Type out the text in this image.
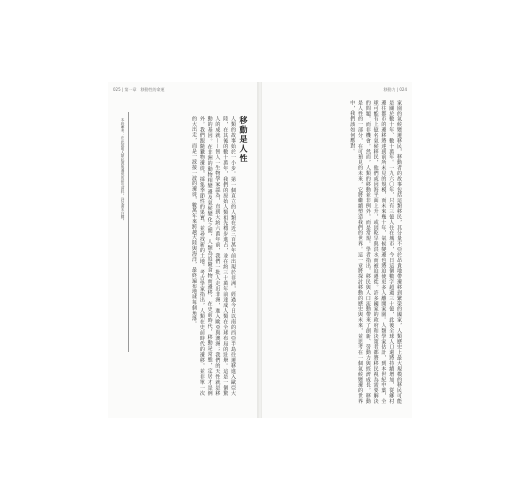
025 | 第一章　移動性的命運
移動是人性
人類的故事始於一小步。第一個直立的人類在近三百萬年前出現於非洲，經過今日以南的西亞半島往遷移進入歐亞大陸，在其後的數十萬年，我們的原始人類祖先穩步進占，並在約三十萬年前達成人類在全球布局的壯舉。這是一個驚人的成就——智人一生物學家認為，直到大約六萬年前，我們一批人走出非洲，進入歐亞與澳洲；我們的天性就是移動的基因。在非洲的動物相變遷及氣候變化之間，人類為追隨食物而遷移，在史前時代，移動是常態，定居才是例外。我們跟隨獵物遷徙，採集季節性的果實，並尋找新的土地。考古學家指出，人類在史前時代的遷移，並非單一次的大出走，而是一波接一波的遷徙，數萬年來跨越大陸與海洋，最終遍布地球每個角落。
本段參考：在此說明人類起源與遷徙的研究資料，詳見書末註釋。
移動力 | 024
家園的氣候變遷移民，移動者的故事包括這類移民，其分量不亞於昂貴地帶遷移到繁榮的國家，人類歷史上最大規模的移民可能是關於數十年、數十萬年。一九六〇年，只有三億人住在城市，今日這個數字超過三十億，此後全球人口還將持續增加，從鄉村遷往都市的遷移將達到前所未見的規模，而未來幾十年，氣候變遷也將迫使更多人離開家園。人類學家估計，到本世紀中葉，全球可能有上億名氣候移民，他們或因海平面上升，或因乾旱與洪水而被迫遷徙。許多國家的政府和決策者都將移民視為需要解決的問題，而非機會。然而，人類的移動並非例外，而是常規。學者指出，移民與人口流動帶來了創新、勞動力與經濟成長。移動是人性的一部分，在可預見的未來，它將繼續塑造我們的世界。這一章將探討移動的歷史與未來，並思考在一個氣候變遷的世界中，我們該如何應對。
